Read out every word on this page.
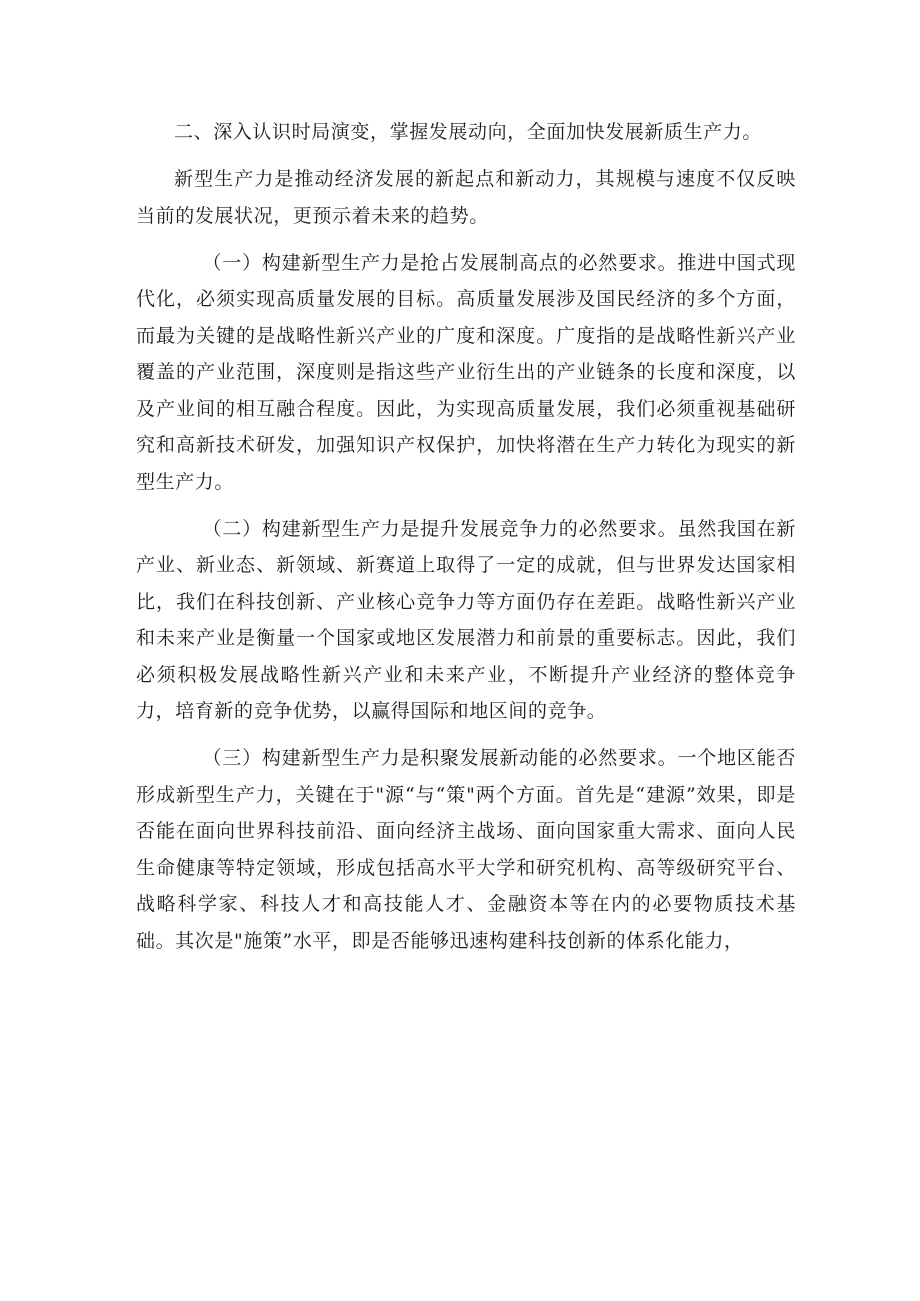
二、深入认识时局演变，掌握发展动向，全面加快发展新质生产力。

新型生产力是推动经济发展的新起点和新动力，其规模与速度不仅反映当前的发展状况，更预示着未来的趋势。

（一）构建新型生产力是抢占发展制高点的必然要求。推进中国式现代化，必须实现高质量发展的目标。高质量发展涉及国民经济的多个方面，而最为关键的是战略性新兴产业的广度和深度。广度指的是战略性新兴产业覆盖的产业范围，深度则是指这些产业衍生出的产业链条的长度和深度，以及产业间的相互融合程度。因此，为实现高质量发展，我们必须重视基础研究和高新技术研发，加强知识产权保护，加快将潜在生产力转化为现实的新型生产力。

（二）构建新型生产力是提升发展竞争力的必然要求。虽然我国在新产业、新业态、新领域、新赛道上取得了一定的成就，但与世界发达国家相比，我们在科技创新、产业核心竞争力等方面仍存在差距。战略性新兴产业和未来产业是衡量一个国家或地区发展潜力和前景的重要标志。因此，我们必须积极发展战略性新兴产业和未来产业，不断提升产业经济的整体竞争力，培育新的竞争优势，以赢得国际和地区间的竞争。

（三）构建新型生产力是积聚发展新动能的必然要求。一个地区能否形成新型生产力，关键在于"源“与“策"两个方面。首先是“建源”效果，即是否能在面向世界科技前沿、面向经济主战场、面向国家重大需求、面向人民生命健康等特定领域，形成包括高水平大学和研究机构、高等级研究平台、战略科学家、科技人才和高技能人才、金融资本等在内的必要物质技术基础。其次是"施策”水平，即是否能够迅速构建科技创新的体系化能力，
